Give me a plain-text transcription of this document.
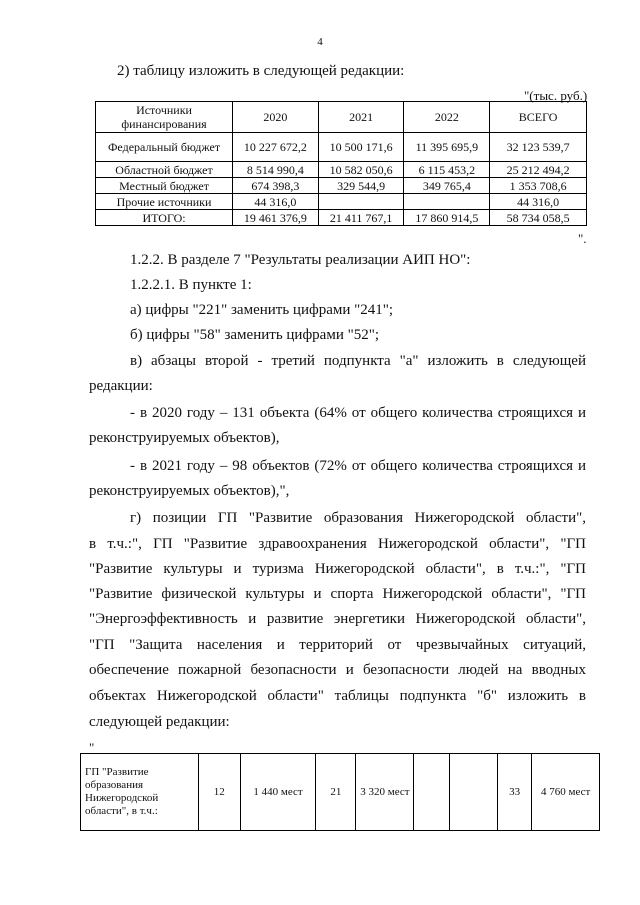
4
2) таблицу изложить в следующей редакции:
"(тыс. руб.)
Источники финансирования	2020	2021	2022	ВСЕГО
Федеральный бюджет	10 227 672,2	10 500 171,6	11 395 695,9	32 123 539,7
Областной бюджет	8 514 990,4	10 582 050,6	6 115 453,2	25 212 494,2
Местный бюджет	674 398,3	329 544,9	349 765,4	1 353 708,6
Прочие источники	44 316,0			44 316,0
ИТОГО:	19 461 376,9	21 411 767,1	17 860 914,5	58 734 058,5
".
1.2.2. В разделе 7 "Результаты реализации АИП НО":
1.2.2.1. В пункте 1:
а) цифры "221" заменить цифрами "241";
б) цифры "58" заменить цифрами "52";
в) абзацы второй - третий подпункта "а" изложить в следующей
редакции:
- в 2020 году – 131 объекта (64% от общего количества строящихся и
реконструируемых объектов),
- в 2021 году – 98 объектов (72% от общего количества строящихся и
реконструируемых объектов),",
г) позиции ГП "Развитие образования Нижегородской области",
в т.ч.:", ГП "Развитие здравоохранения Нижегородской области", "ГП
"Развитие культуры и туризма Нижегородской области", в т.ч.:", "ГП
"Развитие физической культуры и спорта Нижегородской области", "ГП
"Энергоэффективность и развитие энергетики Нижегородской области",
"ГП "Защита населения и территорий от чрезвычайных ситуаций,
обеспечение пожарной безопасности и безопасности людей на вводных
объектах Нижегородской области" таблицы подпункта "б" изложить в
следующей редакции:
"
ГП "Развитие образования Нижегородской области", в т.ч.:	12	1 440 мест	21	3 320 мест			33	4 760 мест
